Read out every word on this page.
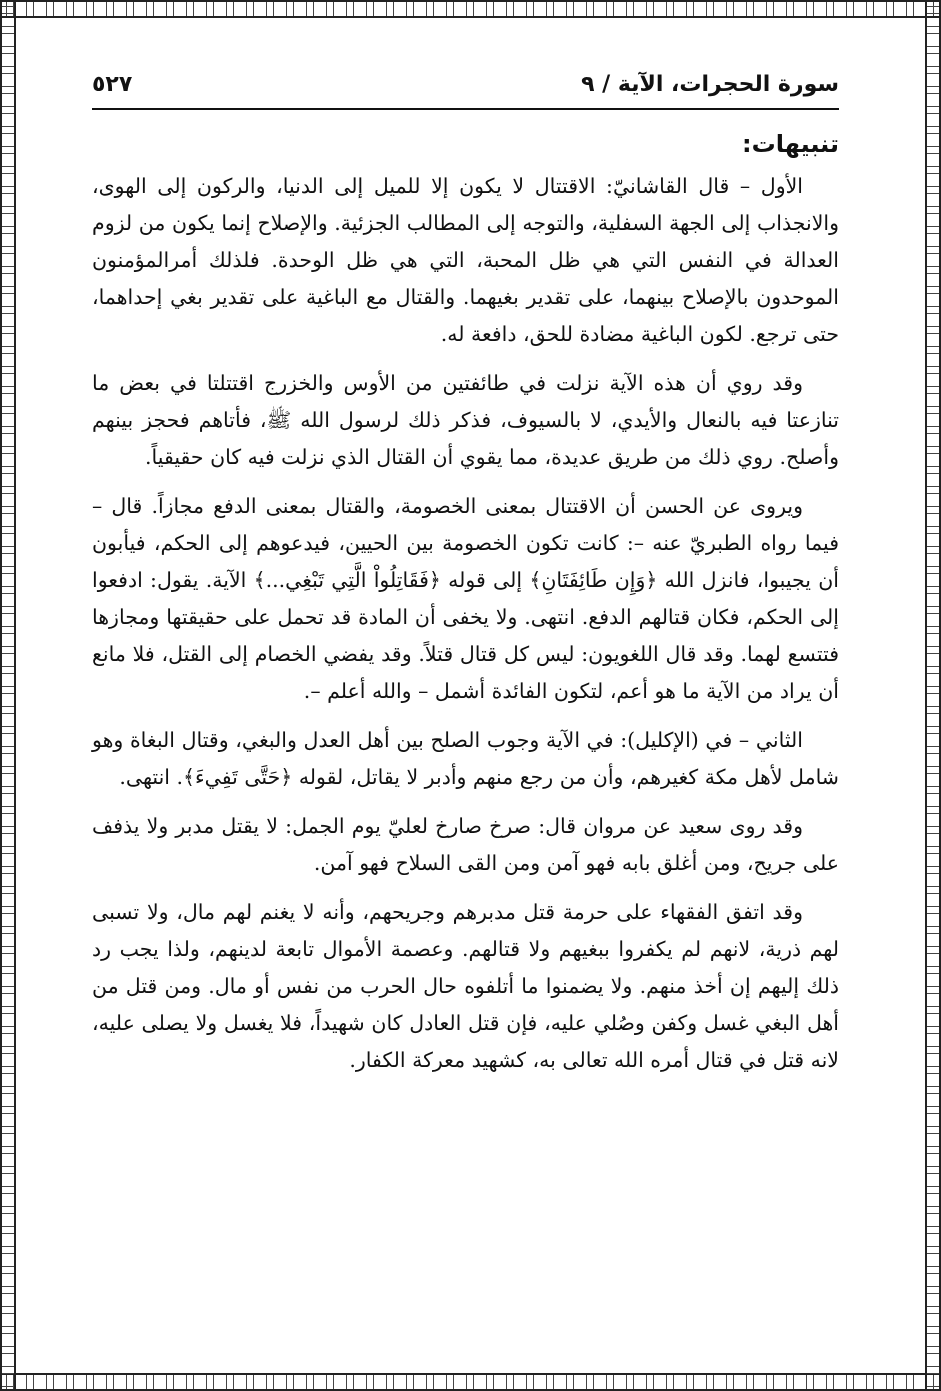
سورة الحجرات، الآية / ٩
٥٢٧
تنبيهات:

الأول – قال القاشانيّ: الاقتتال لا يكون إلا للميل إلى الدنيا، والركون إلى الهوى، والانجذاب إلى الجهة السفلية، والتوجه إلى المطالب الجزئية. والإصلاح إنما يكون من لزوم العدالة في النفس التي هي ظل المحبة، التي هي ظل الوحدة. فلذلك أمرالمؤمنون الموحدون بالإصلاح بينهما، على تقدير بغيهما. والقتال مع الباغية على تقدير بغي إحداهما، حتى ترجع. لكون الباغية مضادة للحق، دافعة له.

وقد روي أن هذه الآية نزلت في طائفتين من الأوس والخزرج اقتتلتا في بعض ما تنازعتا فيه بالنعال والأيدي، لا بالسيوف، فذكر ذلك لرسول الله ﷺ، فأتاهم فحجز بينهم وأصلح. روي ذلك من طريق عديدة، مما يقوي أن القتال الذي نزلت فيه كان حقيقياً.

ويروى عن الحسن أن الاقتتال بمعنى الخصومة، والقتال بمعنى الدفع مجازاً. قال – فيما رواه الطبريّ عنه –: كانت تكون الخصومة بين الحيين، فيدعوهم إلى الحكم، فيأبون أن يجيبوا، فانزل الله ﴿وَإِن طَائِفَتَانِ﴾ إلى قوله ﴿فَقَاتِلُواْ الَّتِي تَبْغِي...﴾ الآية. يقول: ادفعوا إلى الحكم، فكان قتالهم الدفع. انتهى. ولا يخفى أن المادة قد تحمل على حقيقتها ومجازها فتتسع لهما. وقد قال اللغويون: ليس كل قتال قتلاً. وقد يفضي الخصام إلى القتل، فلا مانع أن يراد من الآية ما هو أعم، لتكون الفائدة أشمل – والله أعلم –.

الثاني – في (الإكليل): في الآية وجوب الصلح بين أهل العدل والبغي، وقتال البغاة وهو شامل لأهل مكة كغيرهم، وأن من رجع منهم وأدبر لا يقاتل، لقوله ﴿حَتَّى تَفِيءَ﴾. انتهى.

وقد روى سعيد عن مروان قال: صرخ صارخ لعليّ يوم الجمل: لا يقتل مدبر ولا يذفف على جريح، ومن أغلق بابه فهو آمن ومن القى السلاح فهو آمن.

وقد اتفق الفقهاء على حرمة قتل مدبرهم وجريحهم، وأنه لا يغنم لهم مال، ولا تسبى لهم ذرية، لانهم لم يكفروا ببغيهم ولا قتالهم. وعصمة الأموال تابعة لدينهم، ولذا يجب رد ذلك إليهم إن أخذ منهم. ولا يضمنوا ما أتلفوه حال الحرب من نفس أو مال. ومن قتل من أهل البغي غسل وكفن وصُلي عليه، فإن قتل العادل كان شهيداً، فلا يغسل ولا يصلى عليه، لانه قتل في قتال أمره الله تعالى به، كشهيد معركة الكفار.
